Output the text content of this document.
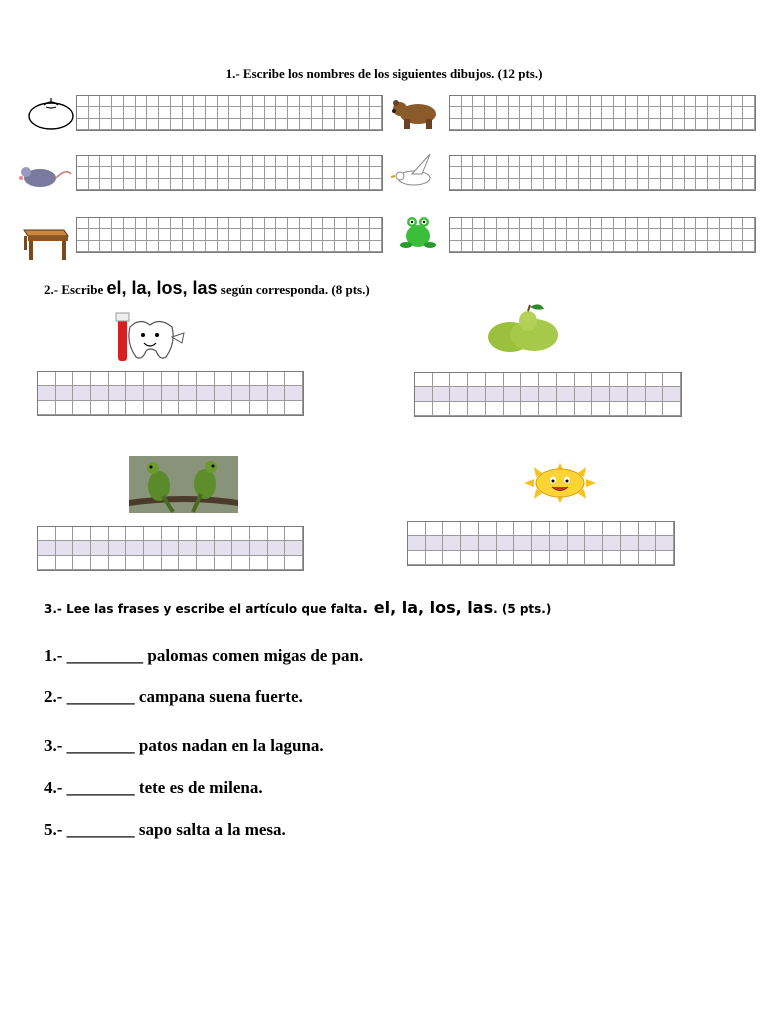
1.- Escribe los nombres de los siguientes dibujos. (12 pts.)
2.- Escribe el, la, los, las según corresponda. (8 pts.)
3.- Lee las frases y escribe el artículo que falta. el, la, los, las. (5 pts.)
1.- _________ palomas comen migas de pan.
2.- ________ campana suena fuerte.
3.- ________ patos nadan en la laguna.
4.- ________ tete es de milena.
5.- ________ sapo salta a la mesa.
